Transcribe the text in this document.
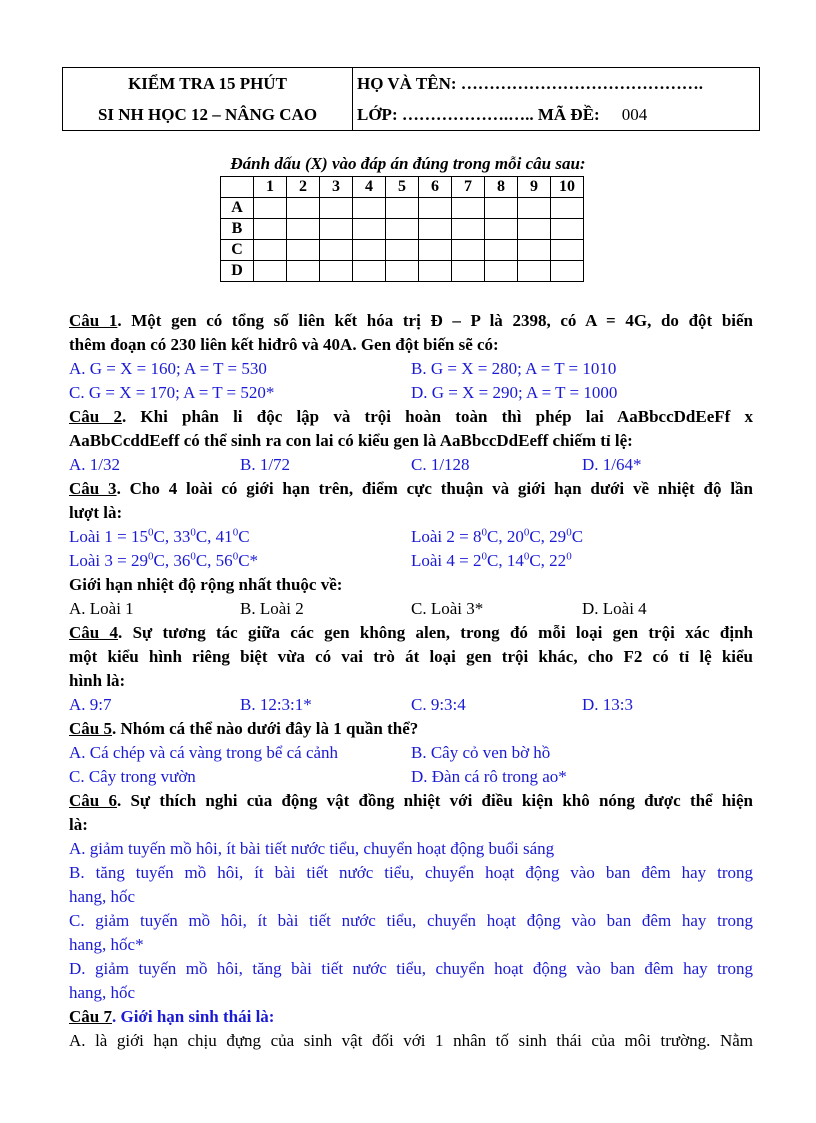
KIỂM TRA 15 PHÚT
SI NH HỌC 12 – NÂNG CAO
HỌ VÀ TÊN: …………………………………….
LỚP: ……………….….. MÃ ĐỀ: 004
Đánh dấu (X) vào đáp án đúng trong mỗi câu sau:
	1	2	3	4	5	6	7	8	9	10
A										
B										
C										
D										
Câu 1. Một gen có tổng số liên kết hóa trị Đ – P là 2398, có A = 4G, do đột biến
thêm đoạn có 230 liên kết hiđrô và 40A. Gen đột biến sẽ có:
A. G = X = 160; A = T = 530	B. G = X = 280; A = T = 1010
C. G = X = 170; A = T = 520*	D. G = X = 290; A = T = 1000
Câu 2. Khi phân li độc lập và trội hoàn toàn thì phép lai AaBbccDdEeFf x
AaBbCcddEeff có thể sinh ra con lai có kiểu gen là AaBbccDdEeff chiếm tỉ lệ:
A. 1/32	B. 1/72	C. 1/128	D. 1/64*
Câu 3. Cho 4 loài có giới hạn trên, điểm cực thuận và giới hạn dưới về nhiệt độ lần
lượt là:
Loài $1 = 15^0C$, $33^0C$, $41^0C$	Loài $2 = 8^0C$, $20^0C$, $29^0C$
Loài $3 = 29^0C$, $36^0C$, $56^0C*$	Loài $4 = 2^0C$, $14^0C$, $22^0$
Giới hạn nhiệt độ rộng nhất thuộc về:
A. Loài 1	B. Loài 2	C. Loài 3*	D. Loài 4
Câu 4. Sự tương tác giữa các gen không alen, trong đó mỗi loại gen trội xác định
một kiểu hình riêng biệt vừa có vai trò át loại gen trội khác, cho F2 có tỉ lệ kiểu
hình là:
A. 9:7	B. 12:3:1*	C. 9:3:4	D. 13:3
Câu 5. Nhóm cá thể nào dưới đây là 1 quần thể?
A. Cá chép và cá vàng trong bể cá cảnh	B. Cây cỏ ven bờ hồ
C. Cây trong vườn	D. Đàn cá rô trong ao*
Câu 6. Sự thích nghi của động vật đồng nhiệt với điều kiện khô nóng được thể hiện
là:
A. giảm tuyến mồ hôi, ít bài tiết nước tiểu, chuyển hoạt động buổi sáng
B. tăng tuyến mồ hôi, ít bài tiết nước tiểu, chuyển hoạt động vào ban đêm hay trong
hang, hốc
C. giảm tuyến mồ hôi, ít bài tiết nước tiểu, chuyển hoạt động vào ban đêm hay trong
hang, hốc*
D. giảm tuyến mồ hôi, tăng bài tiết nước tiểu, chuyển hoạt động vào ban đêm hay trong
hang, hốc
Câu 7. Giới hạn sinh thái là:
A. là giới hạn chịu đựng của sinh vật đối với 1 nhân tố sinh thái của môi trường. Nằm
